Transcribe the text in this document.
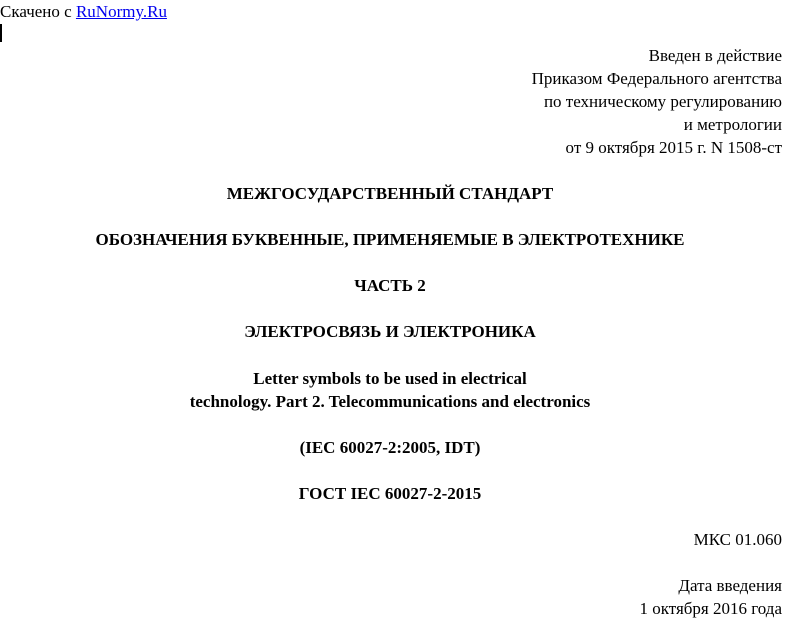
Скачено с RuNormy.Ru
Введен в действие
Приказом Федерального агентства
по техническому регулированию
и метрологии
от 9 октября 2015 г. N 1508-ст
МЕЖГОСУДАРСТВЕННЫЙ СТАНДАРТ
ОБОЗНАЧЕНИЯ БУКВЕННЫЕ, ПРИМЕНЯЕМЫЕ В ЭЛЕКТРОТЕХНИКЕ
ЧАСТЬ 2
ЭЛЕКТРОСВЯЗЬ И ЭЛЕКТРОНИКА
Letter symbols to be used in electrical
technology. Part 2. Telecommunications and electronics
(IEC 60027-2:2005, IDT)
ГОСТ IEC 60027-2-2015
МКС 01.060
Дата введения
1 октября 2016 года
